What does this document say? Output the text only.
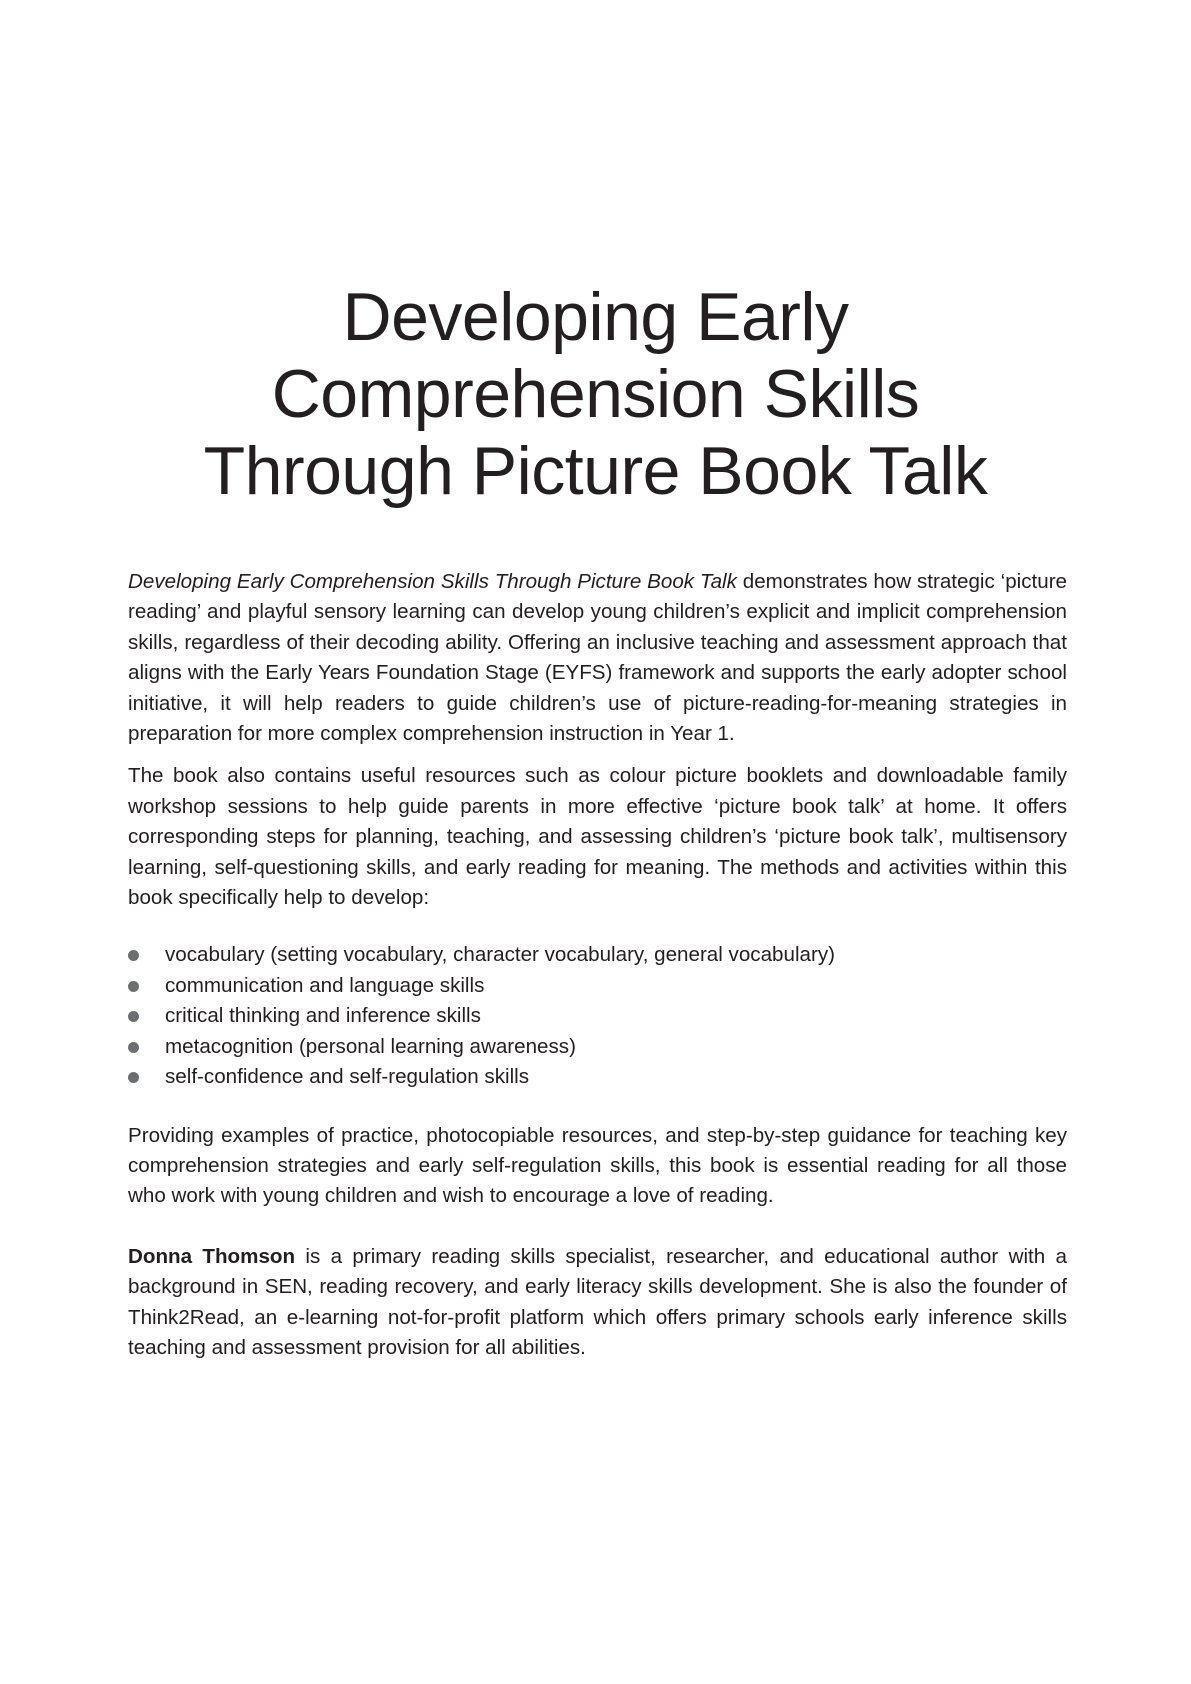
Developing Early
Comprehension Skills
Through Picture Book Talk

Developing Early Comprehension Skills Through Picture Book Talk demonstrates how strategic ‘picture reading’ and playful sensory learning can develop young children’s explicit and implicit comprehension skills, regardless of their decoding ability. Offering an inclusive teaching and assessment approach that aligns with the Early Years Foundation Stage (EYFS) framework and supports the early adopter school initiative, it will help readers to guide children’s use of picture-reading-for-meaning strategies in preparation for more complex comprehension instruction in Year 1.

The book also contains useful resources such as colour picture booklets and downloadable family workshop sessions to help guide parents in more effective ‘picture book talk’ at home. It offers corresponding steps for planning, teaching, and assessing children’s ‘picture book talk’, multisensory learning, self-questioning skills, and early reading for meaning. The methods and activities within this book specifically help to develop:

vocabulary (setting vocabulary, character vocabulary, general vocabulary)
communication and language skills
critical thinking and inference skills
metacognition (personal learning awareness)
self-confidence and self-regulation skills

Providing examples of practice, photocopiable resources, and step-by-step guidance for teaching key comprehension strategies and early self-regulation skills, this book is essential reading for all those who work with young children and wish to encourage a love of reading.

Donna Thomson is a primary reading skills specialist, researcher, and educational author with a background in SEN, reading recovery, and early literacy skills development. She is also the founder of Think2Read, an e-learning not-for-profit platform which offers primary schools early inference skills teaching and assessment provision for all abilities.
